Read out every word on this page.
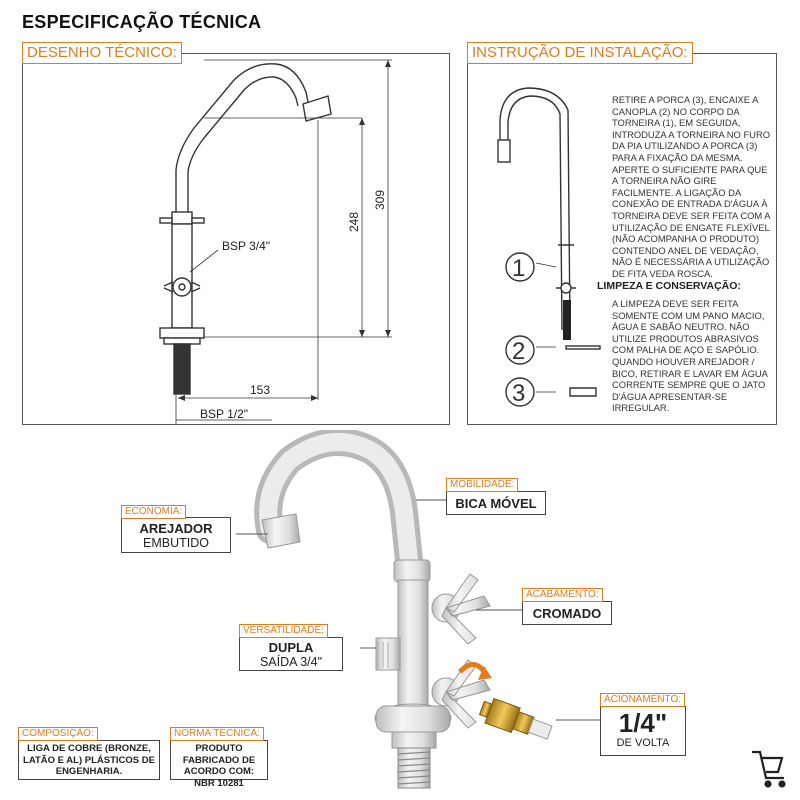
ESPECIFICAÇÃO TÉCNICA
DESENHO TÉCNICO:
BSP 3/4"
BSP 1/2"
153
248
309
INSTRUÇÃO DE INSTALAÇÃO:
1
2
3
RETIRE A PORCA (3), ENCAIXE A CANOPLA (2) NO CORPO DA TORNEIRA (1), EM SEGUIDA, INTRODUZA A TORNEIRA NO FURO DA PIA UTILIZANDO A PORCA (3) PARA A FIXAÇÃO DA MESMA. APERTE O SUFICIENTE PARA QUE A TORNEIRA NÃO GIRE FACILMENTE. A LIGAÇÃO DA CONEXÃO DE ENTRADA D'ÁGUA À TORNEIRA DEVE SER FEITA COM A UTILIZAÇÃO DE ENGATE FLEXÍVEL (NÃO ACOMPANHA O PRODUTO) CONTENDO ANEL DE VEDAÇÃO, NÃO É NECESSÁRIA A UTILIZAÇÃO DE FITA VEDA ROSCA.
LIMPEZA E CONSERVAÇÃO:
A LIMPEZA DEVE SER FEITA SOMENTE COM UM PANO MACIO, ÁGUA E SABÃO NEUTRO. NÃO UTILIZE PRODUTOS ABRASIVOS COM PALHA DE AÇO E SAPÓLIO. QUANDO HOUVER AREJADOR / BICO, RETIRAR E LAVAR EM ÁGUA CORRENTE SEMPRE QUE O JATO D'ÁGUA APRESENTAR-SE IRREGULAR.
ECONOMIA:
AREJADOR
EMBUTIDO
MOBILIDADE:
BICA MÓVEL
ACABAMENTO:
CROMADO
VERSATILIDADE:
DUPLA
SAÍDA 3/4"
ACIONAMENTO:
1/4"
DE VOLTA
COMPOSIÇÃO:
LIGA DE COBRE (BRONZE, LATÃO E AL) PLÁSTICOS DE ENGENHARIA.
NORMA TÉCNICA:
PRODUTO FABRICADO DE ACORDO COM: NBR 10281
